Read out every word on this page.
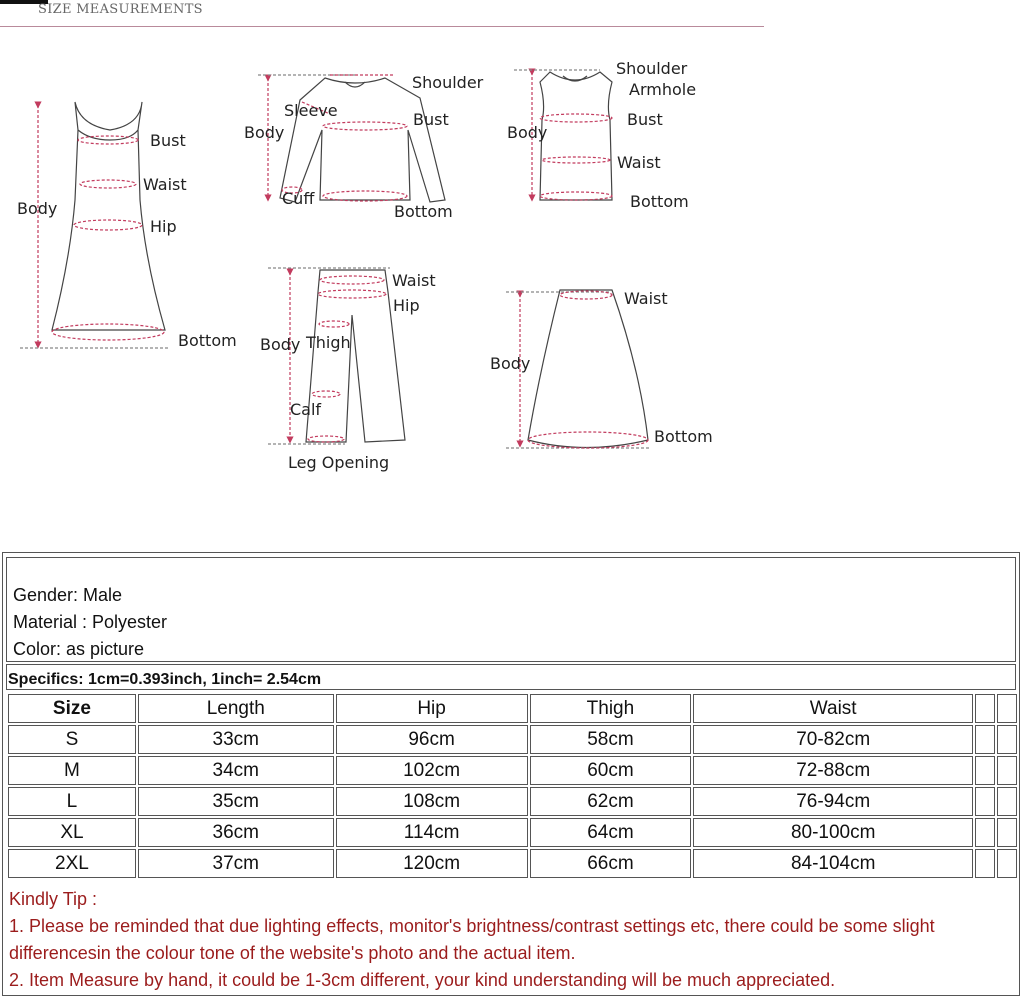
SIZE MEASUREMENTS
Bust
Waist
Body
Hip
Bottom
Shoulder
Sleeve
Body
Bust
Cuff
Bottom
Shoulder
Armhole
Body
Bust
Waist
Bottom
Waist
Hip
Body Thigh
Calf
Leg Opening
Waist
Body
Bottom
Gender: Male
Material : Polyester
Color: as picture
Specifics: 1cm=0.393inch, 1inch= 2.54cm
Size	Length	Hip	Thigh	Waist		
S	33cm	96cm	58cm	70-82cm		
M	34cm	102cm	60cm	72-88cm		
L	35cm	108cm	62cm	76-94cm		
XL	36cm	114cm	64cm	80-100cm		
2XL	37cm	120cm	66cm	84-104cm		
Kindly Tip :
1. Please be reminded that due lighting effects, monitor's brightness/contrast settings etc, there could be some slight
differencesin the colour tone of the website's photo and the actual item.
2. Item Measure by hand, it could be 1-3cm different, your kind understanding will be much appreciated.
